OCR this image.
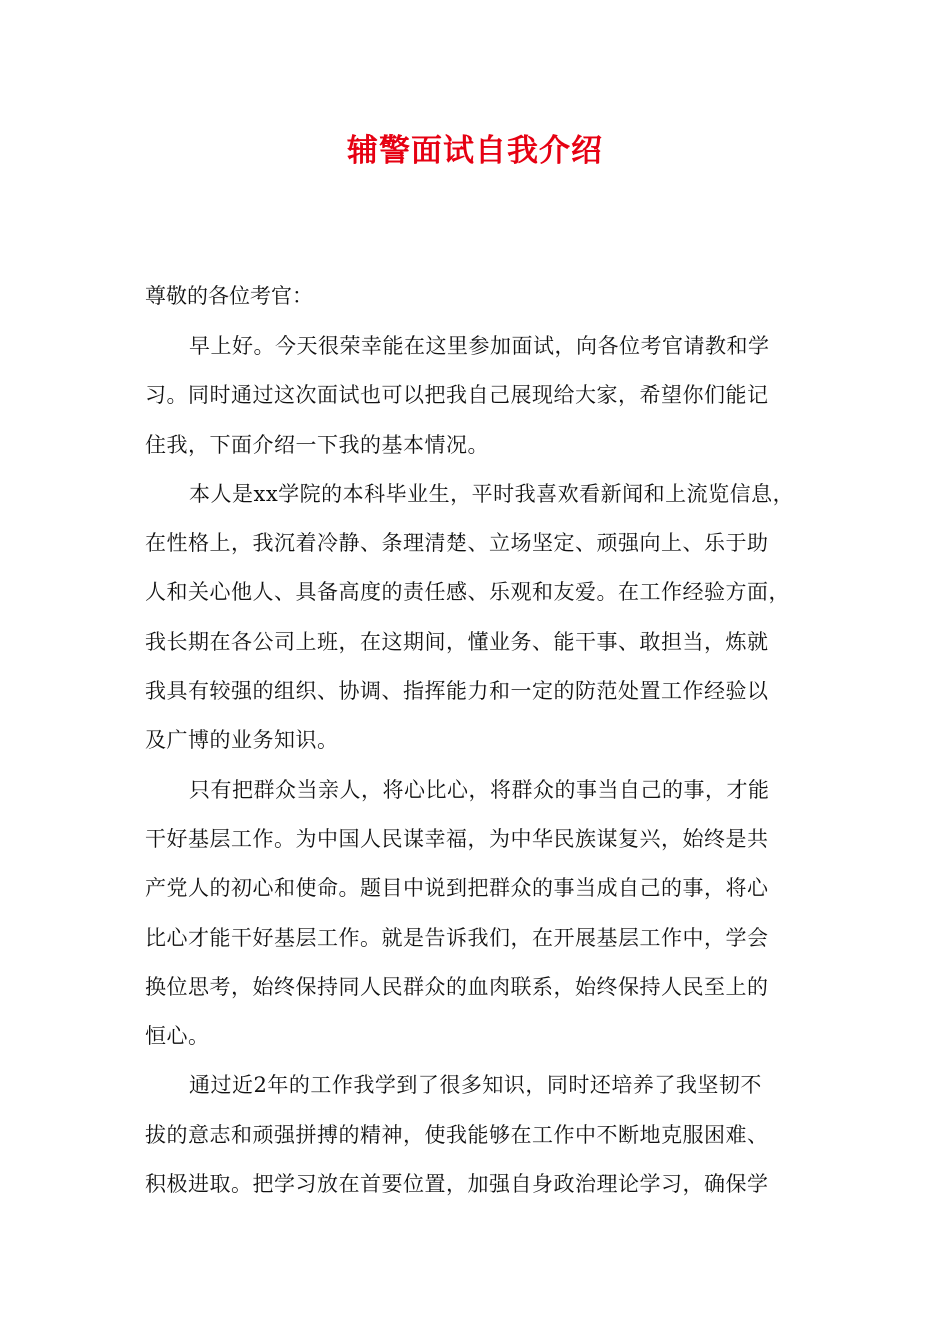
辅警面试自我介绍
尊敬的各位考官：
早上好。今天很荣幸能在这里参加面试，向各位考官请教和学
习。同时通过这次面试也可以把我自己展现给大家，希望你们能记
住我，下面介绍一下我的基本情况。
本人是xx学院的本科毕业生，平时我喜欢看新闻和上流览信息，
在性格上，我沉着冷静、条理清楚、立场坚定、顽强向上、乐于助
人和关心他人、具备高度的责任感、乐观和友爱。在工作经验方面，
我长期在各公司上班，在这期间，懂业务、能干事、敢担当，炼就
我具有较强的组织、协调、指挥能力和一定的防范处置工作经验以
及广博的业务知识。
只有把群众当亲人，将心比心，将群众的事当自己的事，才能
干好基层工作。为中国人民谋幸福，为中华民族谋复兴，始终是共
产党人的初心和使命。题目中说到把群众的事当成自己的事，将心
比心才能干好基层工作。就是告诉我们，在开展基层工作中，学会
换位思考，始终保持同人民群众的血肉联系，始终保持人民至上的
恒心。
通过近2年的工作我学到了很多知识，同时还培养了我坚韧不
拔的意志和顽强拼搏的精神，使我能够在工作中不断地克服困难、
积极进取。把学习放在首要位置，加强自身政治理论学习，确保学
